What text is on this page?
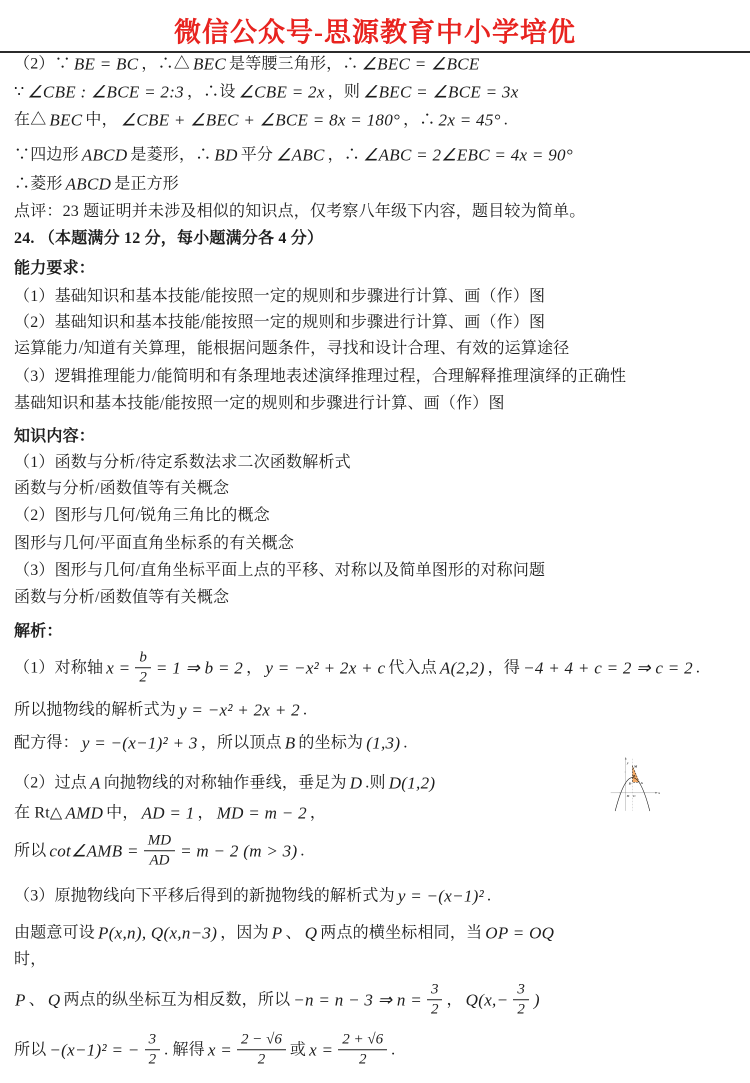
微信公众号-思源教育中小学培优
（2）∵ BE = BC ，∴△ BEC 是等腰三角形，∴ ∠BEC = ∠BCE
∵ ∠CBE : ∠BCE = 2:3 ，∴设 ∠CBE = 2x ，则 ∠BEC = ∠BCE = 3x
在△ BEC 中， ∠CBE + ∠BEC + ∠BCE = 8x = 180° ，∴ 2x = 45° .
∵四边形 ABCD 是菱形，∴ BD 平分 ∠ABC ，∴ ∠ABC = 2∠EBC = 4x = 90°
∴菱形 ABCD 是正方形
点评：23 题证明并未涉及相似的知识点，仅考察八年级下内容，题目较为简单。
24. （本题满分 12 分，每小题满分各 4 分）
能力要求：
（1）基础知识和基本技能/能按照一定的规则和步骤进行计算、画（作）图
（2）基础知识和基本技能/能按照一定的规则和步骤进行计算、画（作）图
运算能力/知道有关算理，能根据问题条件，寻找和设计合理、有效的运算途径
（3）逻辑推理能力/能简明和有条理地表述演绎推理过程，合理解释推理演绎的正确性
基础知识和基本技能/能按照一定的规则和步骤进行计算、画（作）图
知识内容：
（1）函数与分析/待定系数法求二次函数解析式
函数与分析/函数值等有关概念
（2）图形与几何/锐角三角比的概念
图形与几何/平面直角坐标系的有关概念
（3）图形与几何/直角坐标平面上点的平移、对称以及简单图形的对称问题
函数与分析/函数值等有关概念
解析：
（1）对称轴 $x = \frac{b}{2} = 1$ ⇒ b = 2 ， y = −x² + 2x + c 代入点 A(2,2) ，得 −4 + 4 + c = 2 ⇒ c = 2 .
所以抛物线的解析式为 y = −x² + 2x + 2 .
配方得： y = −(x−1)² + 3 ，所以顶点 B 的坐标为 (1,3) .
（2）过点 A 向抛物线的对称轴作垂线，垂足为 D .则 D(1,2)
在 Rt△ AMD 中， AD = 1 ， MD = m − 2 ，
所以 cot∠AMB = $\frac{MD}{AD} = m - 2$ (m > 3) .
（3）原抛物线向下平移后得到的新抛物线的解析式为 y = −(x−1)² .
由题意可设 P(x,n), Q(x,n−3) ，因为 P 、 Q 两点的横坐标相同，当 OP = OQ
时，
P 、 Q 两点的纵坐标互为相反数，所以 −n = n − 3 ⇒ $n = \frac{3}{2}$ ， $Q(x,- \frac{3}{2}$ )
所以 −(x−1)² = − $\frac{3}{2}$ . 解得 $x = \frac{2 - √6}{2}$ 或 $x = \frac{2 + √6}{2}$ .
M
B
D A
O C
x
y
